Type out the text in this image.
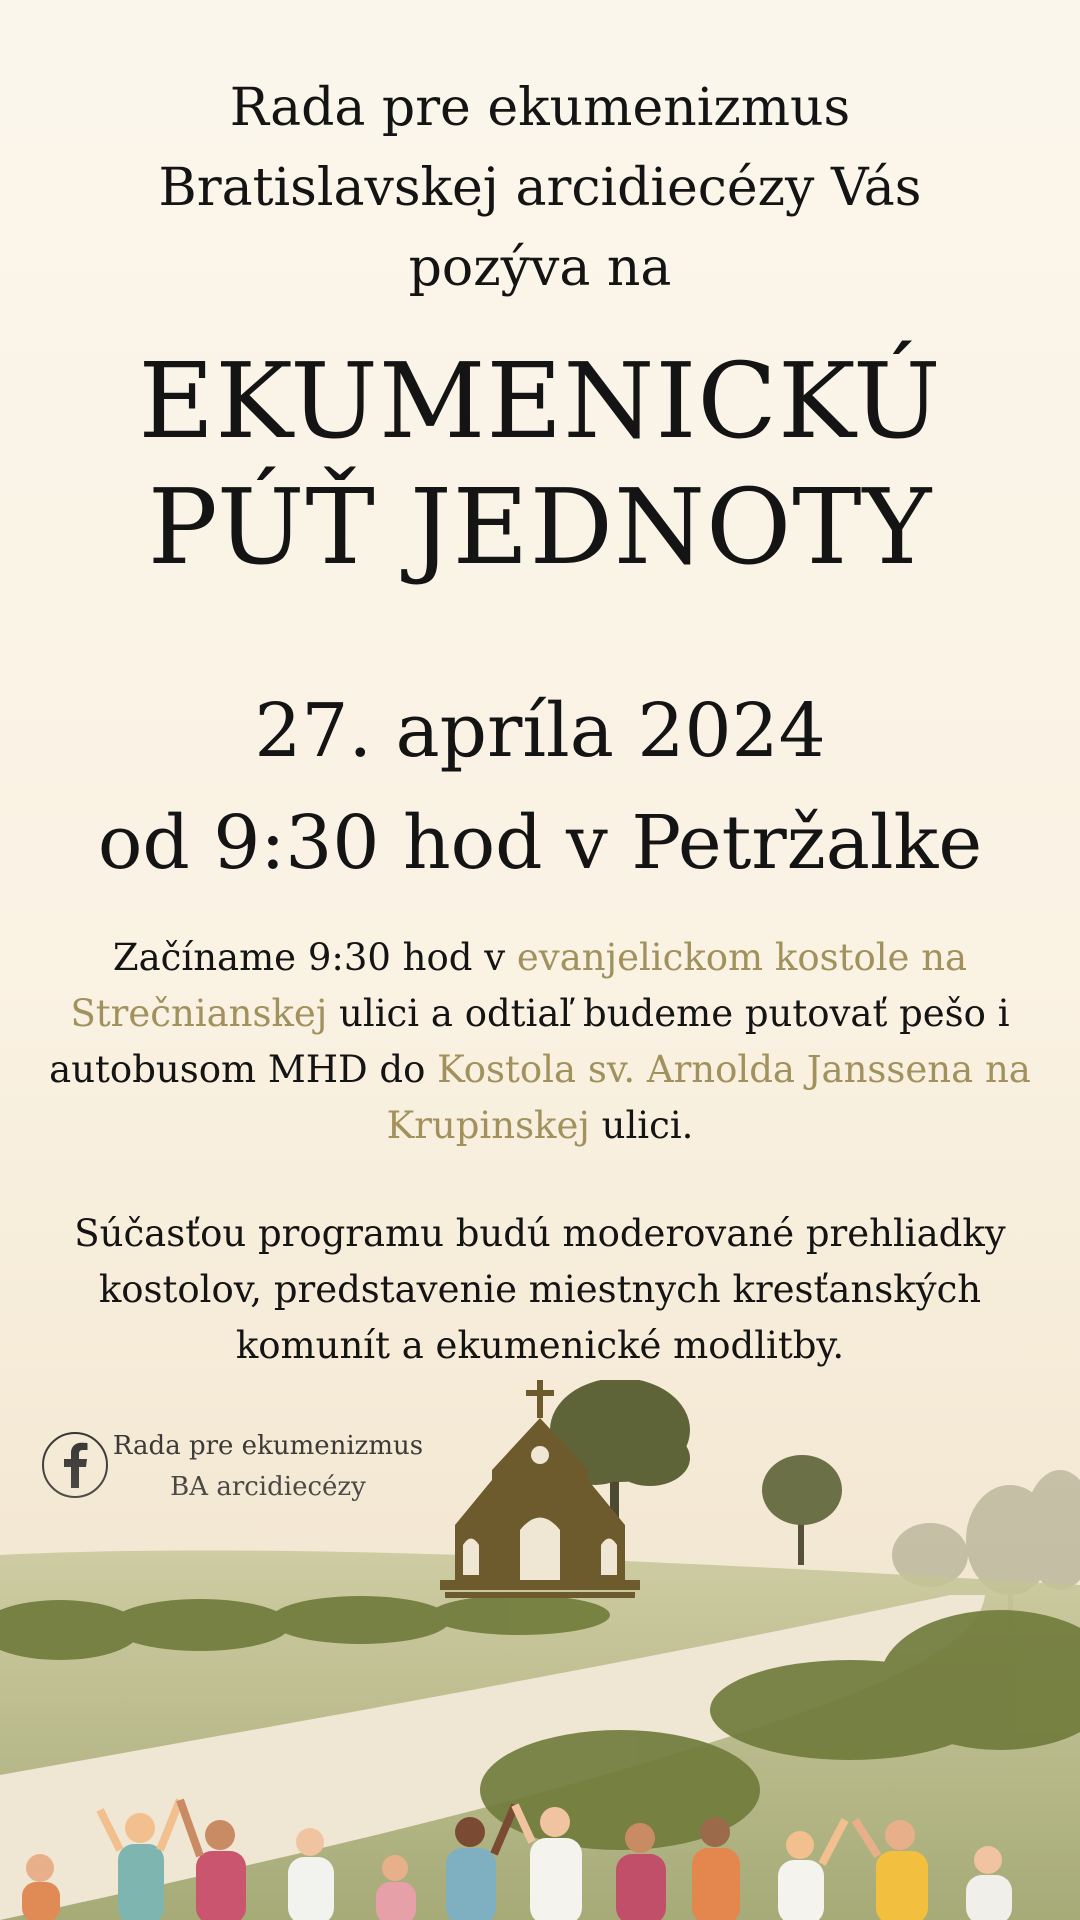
Rada pre ekumenizmus
Bratislavskej arcidiecézy Vás
pozýva na
EKUMENICKÚ
PÚŤ JEDNOTY
27. apríla 2024
od 9:30 hod v Petržalke
Začíname 9:30 hod v evanjelickom kostole na Strečnianskej ulici a odtiaľ budeme putovať pešo i autobusom MHD do Kostola sv. Arnolda Janssena na Krupinskej ulici.
Súčasťou programu budú moderované prehliadky kostolov, predstavenie miestnych kresťanských komunít a ekumenické modlitby.
